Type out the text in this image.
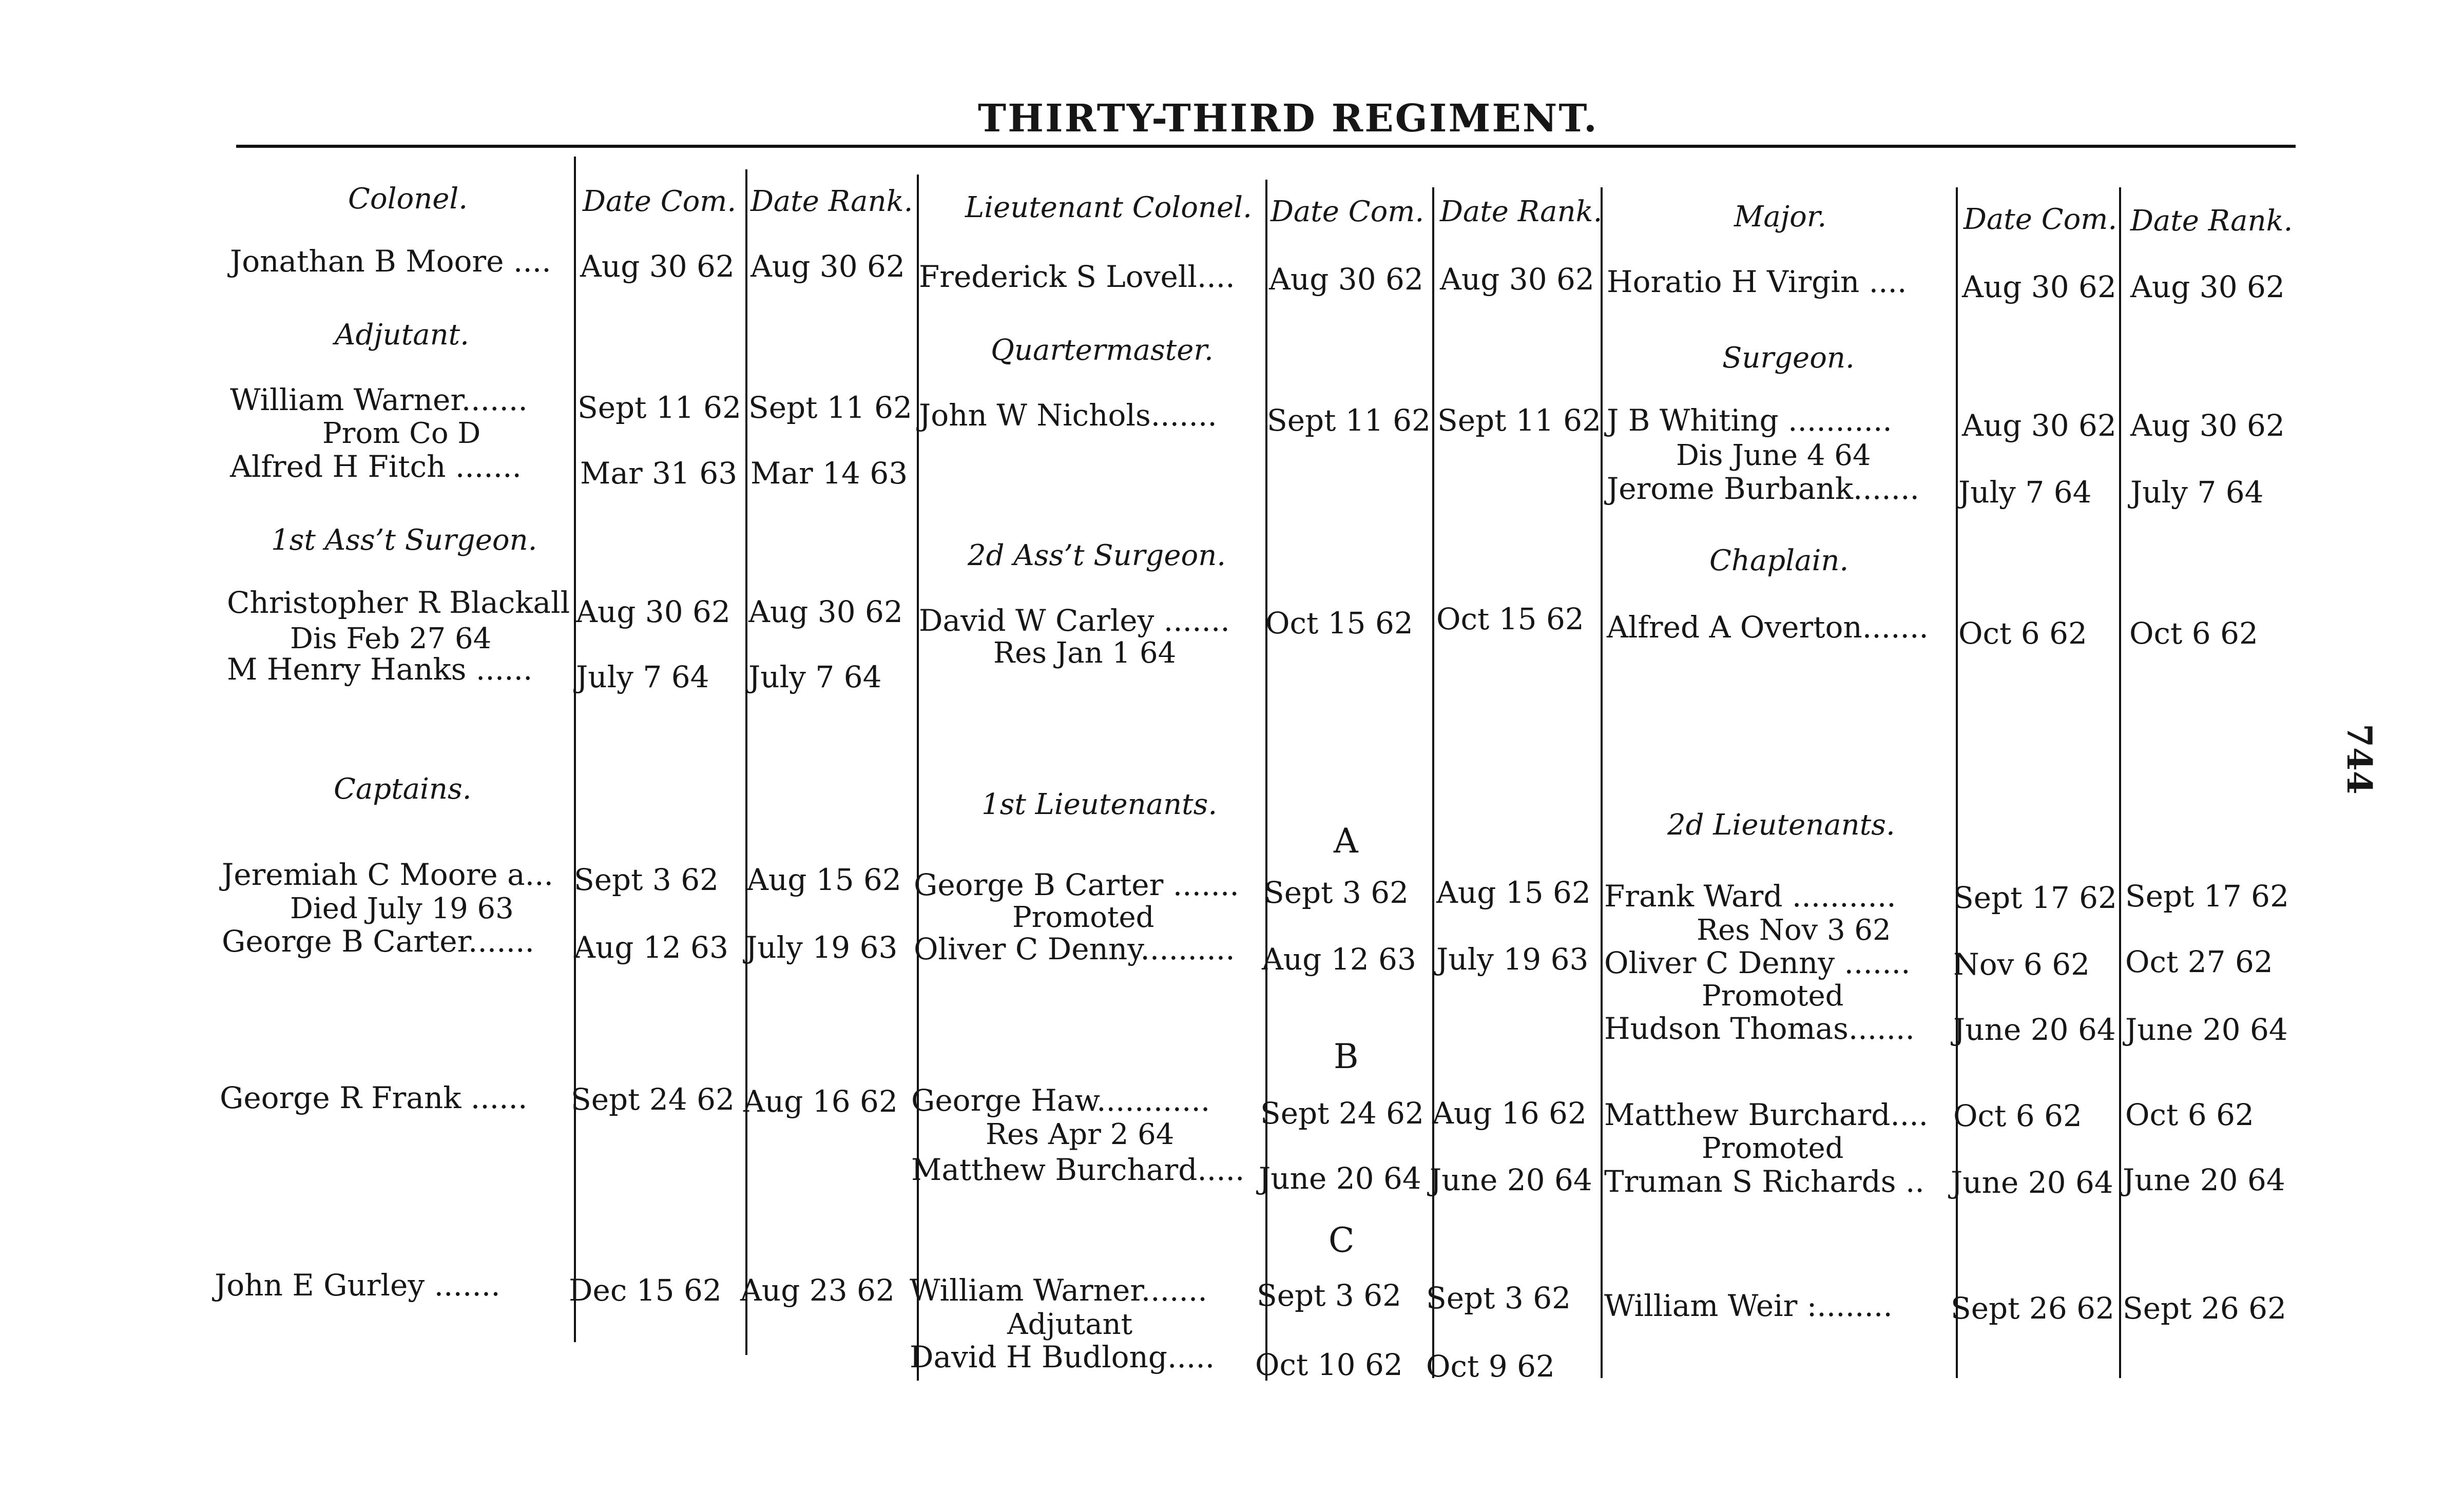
THIRTY-THIRD REGIMENT.
744
Colonel.	Date Com. Date Rank.
Jonathan B Moore .... Aug 30 62 Aug 30 62
Adjutant.
William Warner.......
Prom Co D
Sept 11 62 Sept 11 62
Alfred H Fitch ....... Mar 31 63 Mar 14 63
1st Ass’t Surgeon.
Christopher R Blackall
Dis Feb 27 64
Aug 30 62 Aug 30 62
M Henry Hanks ...... July 7 64 July 7 64
Captains.
Jeremiah C Moore a...
Died July 19 63
Sept 3 62 Aug 15 62
George B Carter....... Aug 12 63 July 19 63
George R Frank ...... Sept 24 62 Aug 16 62
John E Gurley ....... Dec 15 62 Aug 23 62
Lieutenant Colonel. Date Com. Date Rank.
Frederick S Lovell.... Aug 30 62 Aug 30 62
Quartermaster.
John W Nichols....... Sept 11 62 Sept 11 62
2d Ass’t Surgeon.
David W Carley .......
Res Jan 1 64
Oct 15 62 Oct 15 62
1st Lieutenants.
A
George B Carter .......
Promoted
Sept 3 62 Aug 15 62
Oliver C Denny.......... Aug 12 63 July 19 63
B
George Haw............
Res Apr 2 64
Sept 24 62 Aug 16 62
Matthew Burchard..... June 20 64 June 20 64
C
William Warner.......
Adjutant
Sept 3 62 Sept 3 62
David H Budlong..... Oct 10 62 Oct 9 62
Major.	Date Com. Date Rank.
Horatio H Virgin .... Aug 30 62 Aug 30 62
Surgeon.
J B Whiting ...........
Dis June 4 64
Aug 30 62 Aug 30 62
Jerome Burbank....... July 7 64 July 7 64
Chaplain.
Alfred A Overton....... Oct 6 62 Oct 6 62
2d Lieutenants.
Frank Ward ...........
Res Nov 3 62
Sept 17 62 Sept 17 62
Oliver C Denny .......
Promoted
Nov 6 62 Oct 27 62
Hudson Thomas....... June 20 64 June 20 64
Matthew Burchard....
Promoted
Oct 6 62 Oct 6 62
Truman S Richards .. June 20 64 June 20 64
William Weir :........ Sept 26 62 Sept 26 62
